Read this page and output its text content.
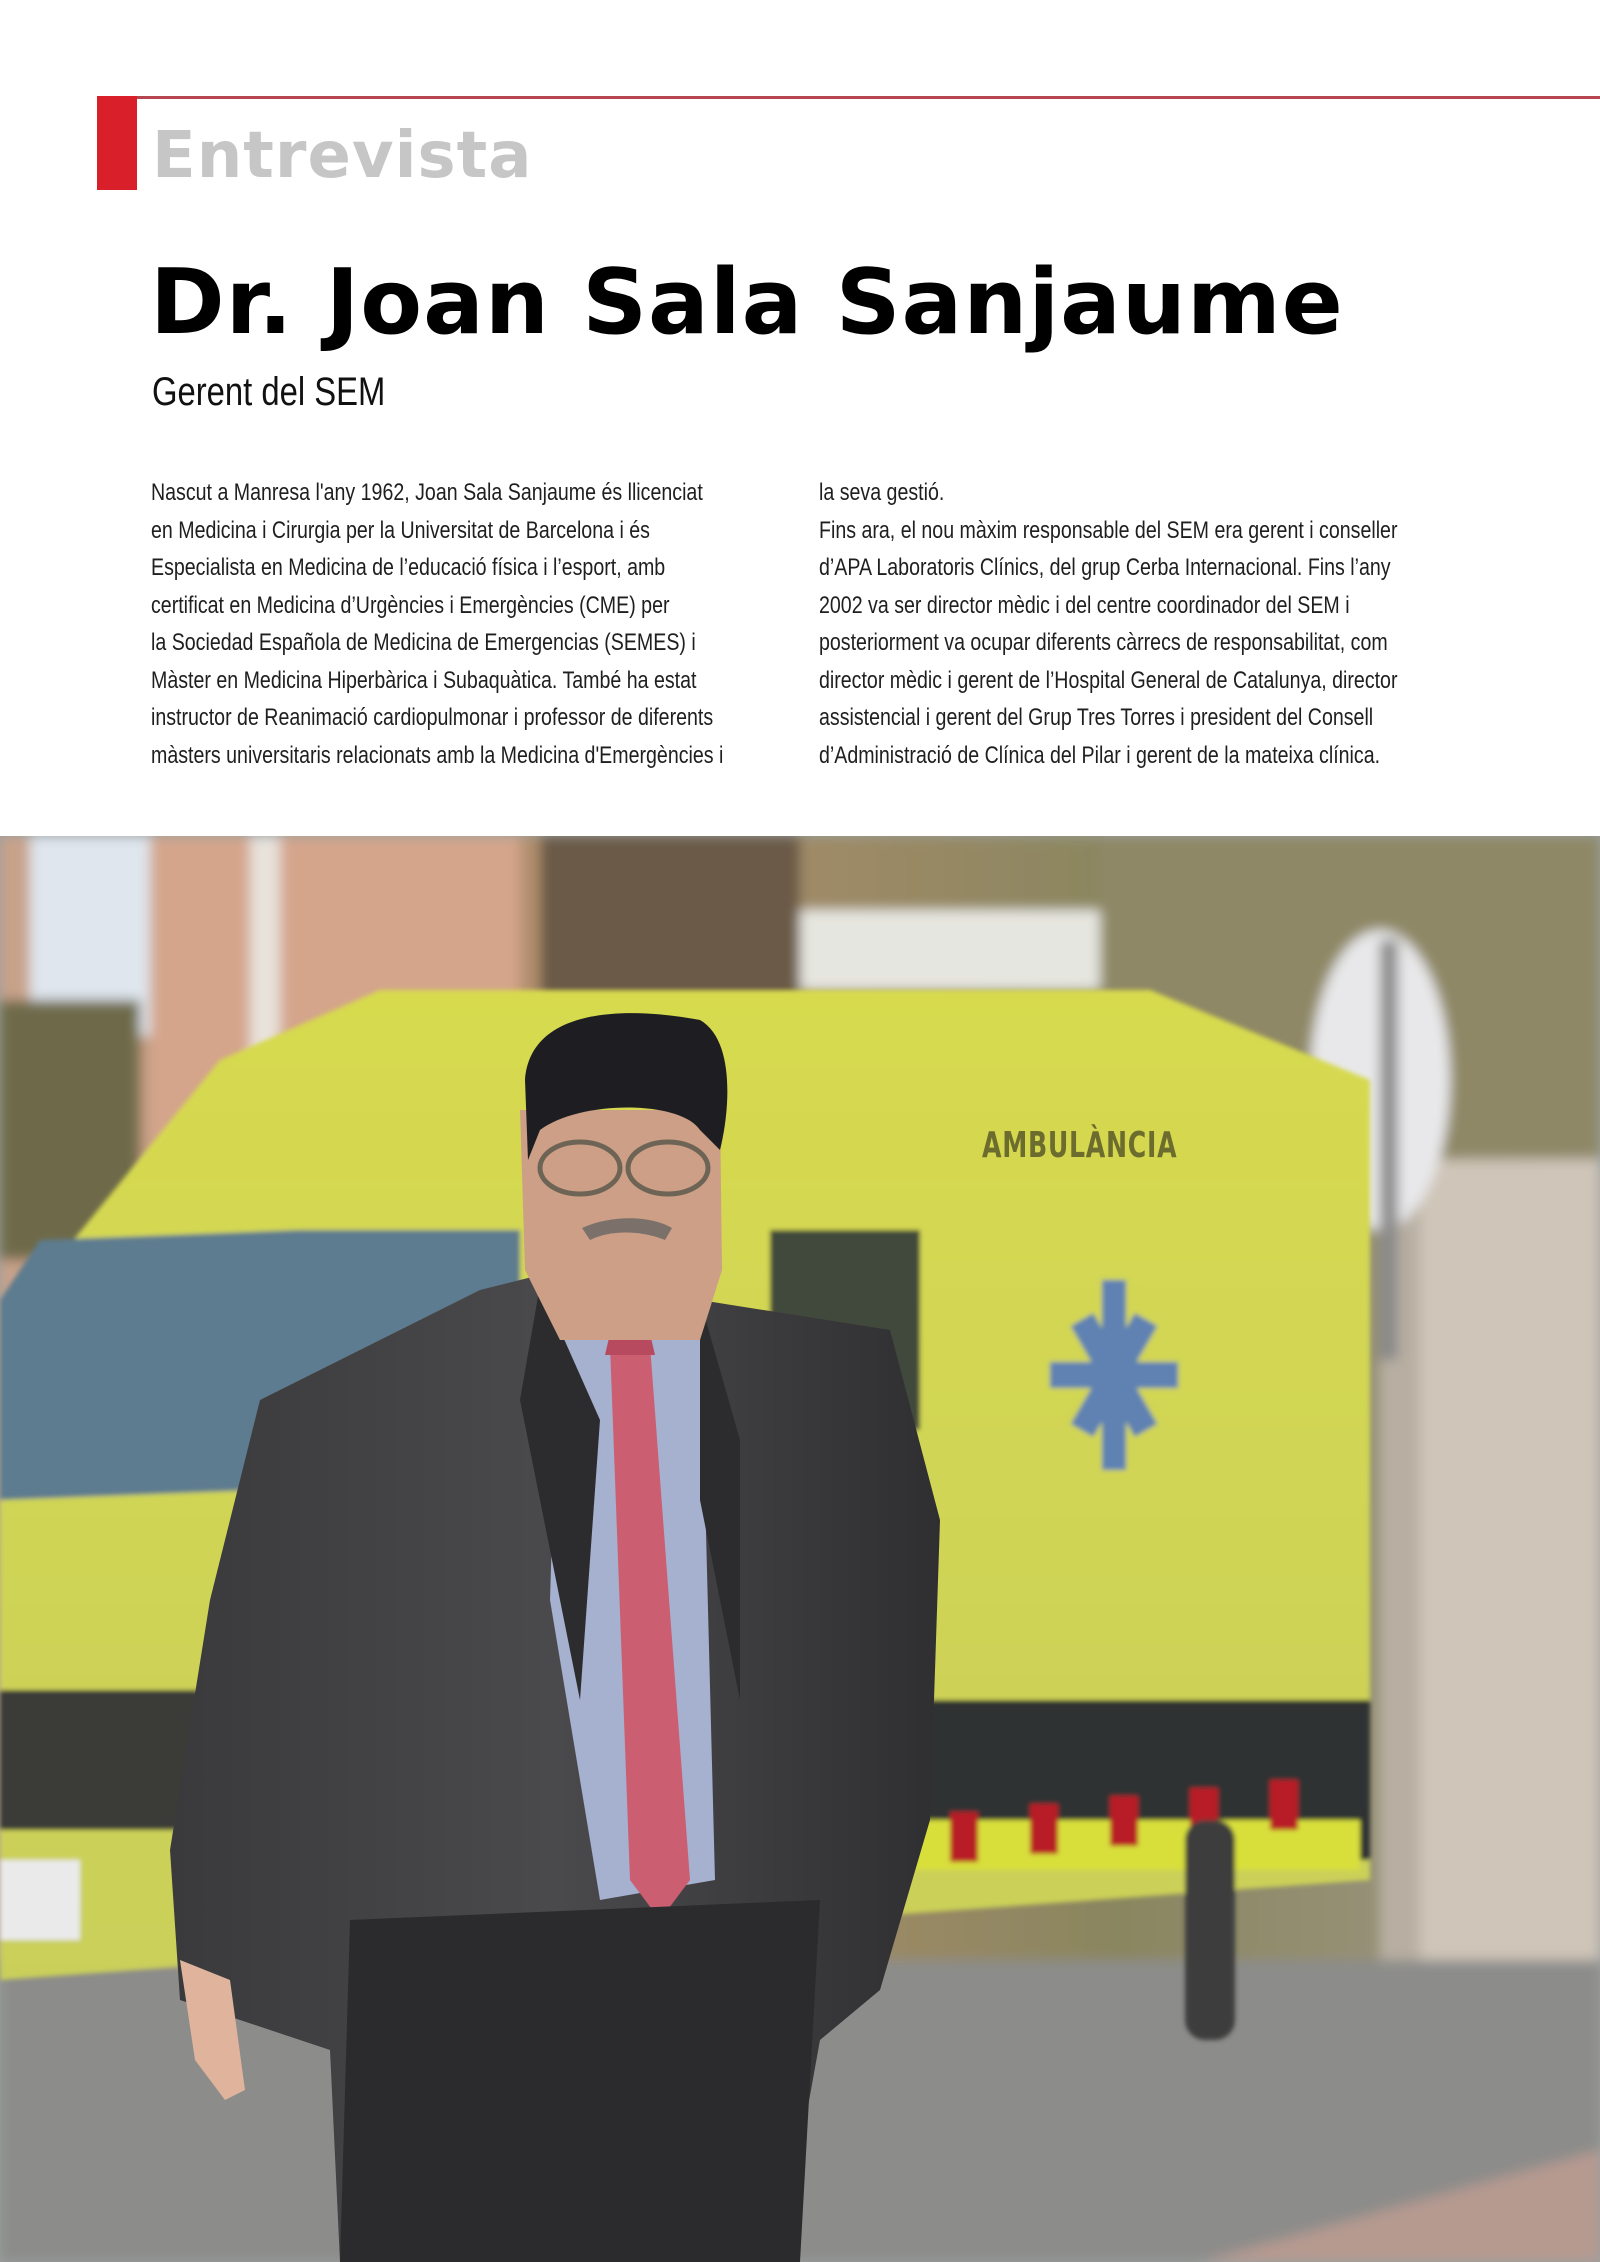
Entrevista
Dr. Joan Sala Sanjaume
Gerent del SEM
Nascut a Manresa l'any 1962, Joan Sala Sanjaume és llicenciat
en Medicina i Cirurgia per la Universitat de Barcelona i és
Especialista en Medicina de l’educació física i l’esport, amb
certificat en Medicina d’Urgències i Emergències (CME) per
la Sociedad Española de Medicina de Emergencias (SEMES) i
Màster en Medicina Hiperbàrica i Subaquàtica. També ha estat
instructor de Reanimació cardiopulmonar i professor de diferents
màsters universitaris relacionats amb la Medicina d'Emergències i
la seva gestió.
Fins ara, el nou màxim responsable del SEM era gerent i conseller
d’APA Laboratoris Clínics, del grup Cerba Internacional. Fins l’any
2002 va ser director mèdic i del centre coordinador del SEM i
posteriorment va ocupar diferents càrrecs de responsabilitat, com
director mèdic i gerent de l’Hospital General de Catalunya, director
assistencial i gerent del Grup Tres Torres i president del Consell
d’Administració de Clínica del Pilar i gerent de la mateixa clínica.
AMBULÀNCIA
